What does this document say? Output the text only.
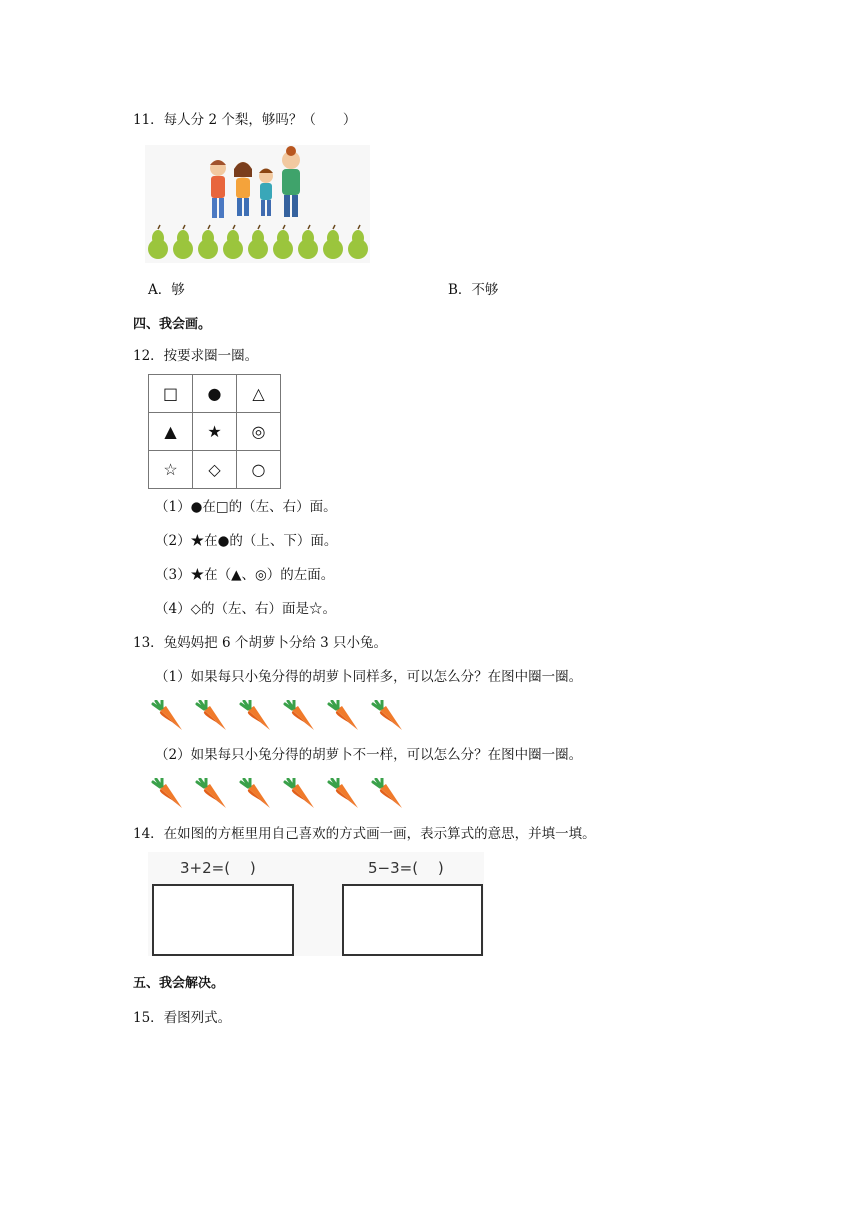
11．每人分 2 个梨，够吗？（　　）
A．够	B．不够
四、我会画。
12．按要求圈一圈。
□	●	△
▲	★	◎
☆	◇	○
（1）●在□的（左、右）面。
（2）★在●的（上、下）面。
（3）★在（▲、◎）的左面。
（4）◇的（左、右）面是☆。
13．兔妈妈把 6 个胡萝卜分给 3 只小兔。
（1）如果每只小兔分得的胡萝卜同样多，可以怎么分？在图中圈一圈。
（2）如果每只小兔分得的胡萝卜不一样，可以怎么分？在图中圈一圈。
14．在如图的方框里用自己喜欢的方式画一画，表示算式的意思，并填一填。
3+2=(　 )	5−3=(　 )
五、我会解决。
15．看图列式。
